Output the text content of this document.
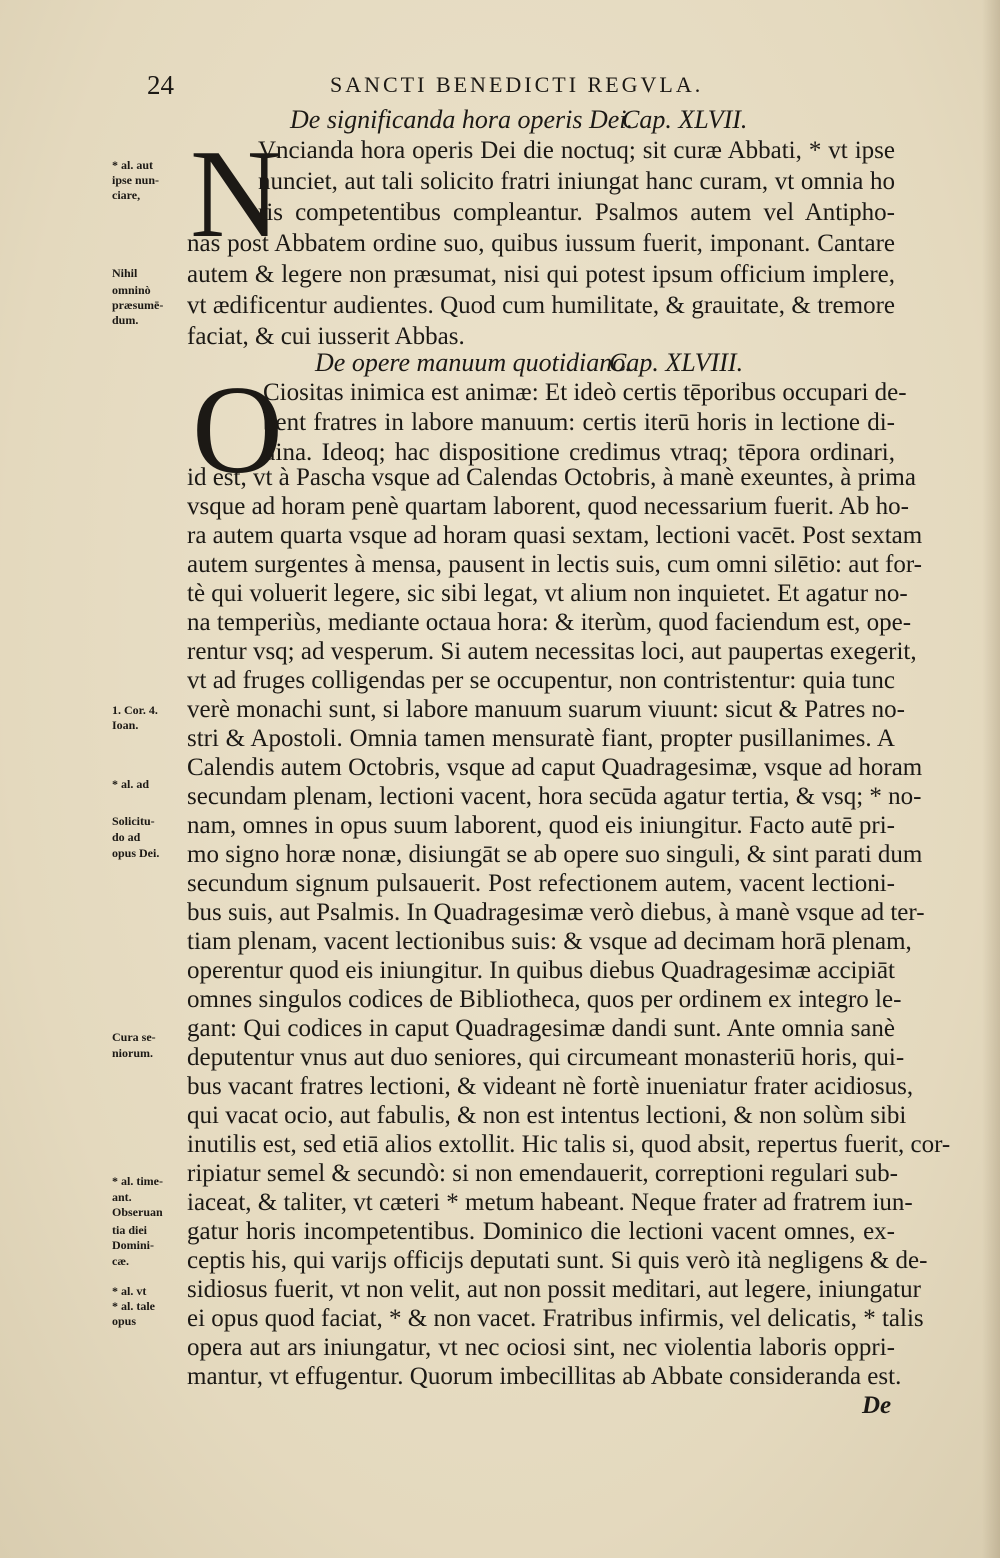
24	SANCTI BENEDICTI REGVLA.
De significanda hora operis Dei.
Cap. XLVII.
N

Vncianda hora operis Dei die noctuq; sit curæ Abbati, * vt ipse

nunciet, aut tali solicito fratri iniungat hanc curam, vt omnia ho

ris competentibus compleantur. Psalmos autem vel Antipho-

nas post Abbatem ordine suo, quibus iussum fuerit, imponant. Cantare

autem & legere non præsumat, nisi qui potest ipsum officium implere,

vt ædificentur audientes. Quod cum humilitate, & grauitate, & tremore

faciat, & cui iusserit Abbas.

De opere manuum quotidiano.
Cap. XLVIII.
O

Ciositas inimica est animæ: Et ideò certis tēporibus occupari de-

bent fratres in labore manuum: certis iterū horis in lectione di-

uina. Ideoq; hac dispositione credimus vtraq; tēpora ordinari,

id est, vt à Pascha vsque ad Calendas Octobris, à manè exeuntes, à prima

vsque ad horam penè quartam laborent, quod necessarium fuerit. Ab ho-

ra autem quarta vsque ad horam quasi sextam, lectioni vacēt. Post sextam

autem surgentes à mensa, pausent in lectis suis, cum omni silētio: aut for-

tè qui voluerit legere, sic sibi legat, vt alium non inquietet. Et agatur no-

na temperiùs, mediante octaua hora: & iterùm, quod faciendum est, ope-

rentur vsq; ad vesperum. Si autem necessitas loci, aut paupertas exegerit,

vt ad fruges colligendas per se occupentur, non contristentur: quia tunc

verè monachi sunt, si labore manuum suarum viuunt: sicut & Patres no-

stri & Apostoli. Omnia tamen mensuratè fiant, propter pusillanimes. A

Calendis autem Octobris, vsque ad caput Quadragesimæ, vsque ad horam

secundam plenam, lectioni vacent, hora secūda agatur tertia, & vsq; * no-

nam, omnes in opus suum laborent, quod eis iniungitur. Facto autē pri-

mo signo horæ nonæ, disiungāt se ab opere suo singuli, & sint parati dum

secundum signum pulsauerit. Post refectionem autem, vacent lectioni-

bus suis, aut Psalmis. In Quadragesimæ verò diebus, à manè vsque ad ter-

tiam plenam, vacent lectionibus suis: & vsque ad decimam horā plenam,

operentur quod eis iniungitur. In quibus diebus Quadragesimæ accipiāt

omnes singulos codices de Bibliotheca, quos per ordinem ex integro le-

gant: Qui codices in caput Quadragesimæ dandi sunt. Ante omnia sanè

deputentur vnus aut duo seniores, qui circumeant monasteriū horis, qui-

bus vacant fratres lectioni, & videant nè fortè inueniatur frater acidiosus,

qui vacat ocio, aut fabulis, & non est intentus lectioni, & non solùm sibi

inutilis est, sed etiā alios extollit. Hic talis si, quod absit, repertus fuerit, cor-

ripiatur semel & secundò: si non emendauerit, correptioni regulari sub-

iaceat, & taliter, vt cæteri * metum habeant. Neque frater ad fratrem iun-

gatur horis incompetentibus. Dominico die lectioni vacent omnes, ex-

ceptis his, qui varijs officijs deputati sunt. Si quis verò ità negligens & de-

sidiosus fuerit, vt non velit, aut non possit meditari, aut legere, iniungatur

ei opus quod faciat, * & non vacet. Fratribus infirmis, vel delicatis, * talis

opera aut ars iniungatur, vt nec ociosi sint, nec violentia laboris oppri-

mantur, vt effugentur. Quorum imbecillitas ab Abbate consideranda est.

De

* al. aut

ipse nun-

ciare,

Nihil

omninò

præsumē-

dum.

1. Cor. 4.

Ioan.

* al. ad

Solicitu-

do ad

opus Dei.

Cura se-

niorum.

* al. time-

ant.

Obseruan

tia diei

Domini-

cæ.

* al. vt

* al. tale

opus
